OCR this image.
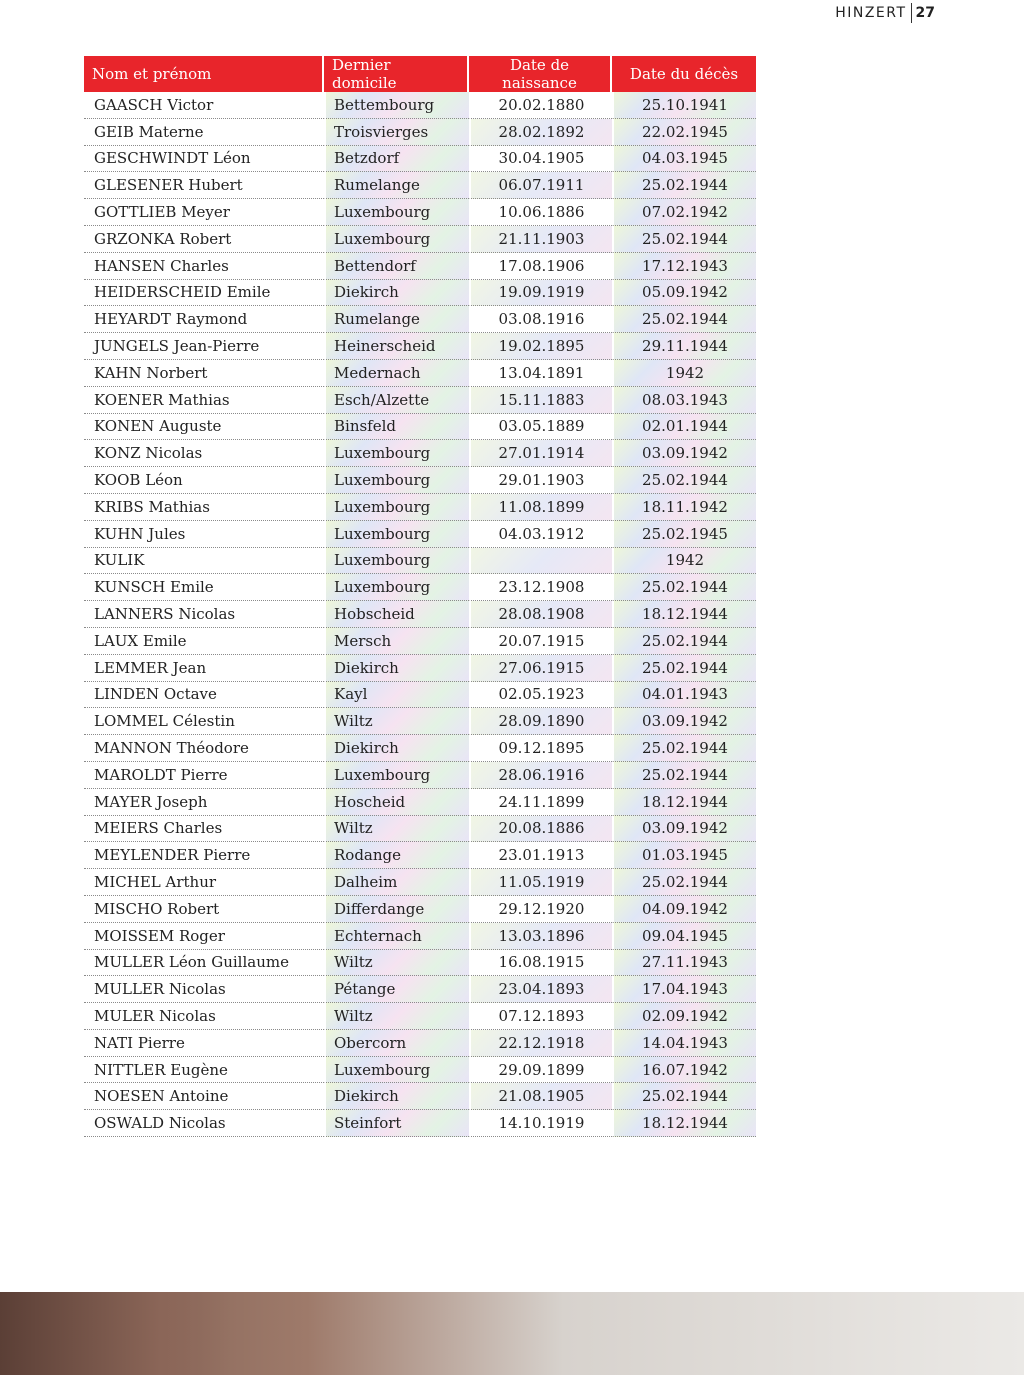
HINZERT 27
Nom et prénom	Dernier domicile	Date de naissance	Date du décès
GAASCH Victor	Bettembourg	20.02.1880	25.10.1941
GEIB Materne	Troisvierges	28.02.1892	22.02.1945
GESCHWINDT Léon	Betzdorf	30.04.1905	04.03.1945
GLESENER Hubert	Rumelange	06.07.1911	25.02.1944
GOTTLIEB Meyer	Luxembourg	10.06.1886	07.02.1942
GRZONKA Robert	Luxembourg	21.11.1903	25.02.1944
HANSEN Charles	Bettendorf	17.08.1906	17.12.1943
HEIDERSCHEID Emile	Diekirch	19.09.1919	05.09.1942
HEYARDT Raymond	Rumelange	03.08.1916	25.02.1944
JUNGELS Jean-Pierre	Heinerscheid	19.02.1895	29.11.1944
KAHN Norbert	Medernach	13.04.1891	1942
KOENER Mathias	Esch/Alzette	15.11.1883	08.03.1943
KONEN Auguste	Binsfeld	03.05.1889	02.01.1944
KONZ Nicolas	Luxembourg	27.01.1914	03.09.1942
KOOB Léon	Luxembourg	29.01.1903	25.02.1944
KRIBS Mathias	Luxembourg	11.08.1899	18.11.1942
KUHN Jules	Luxembourg	04.03.1912	25.02.1945
KULIK	Luxembourg		1942
KUNSCH Emile	Luxembourg	23.12.1908	25.02.1944
LANNERS Nicolas	Hobscheid	28.08.1908	18.12.1944
LAUX Emile	Mersch	20.07.1915	25.02.1944
LEMMER Jean	Diekirch	27.06.1915	25.02.1944
LINDEN Octave	Kayl	02.05.1923	04.01.1943
LOMMEL Célestin	Wiltz	28.09.1890	03.09.1942
MANNON Théodore	Diekirch	09.12.1895	25.02.1944
MAROLDT Pierre	Luxembourg	28.06.1916	25.02.1944
MAYER Joseph	Hoscheid	24.11.1899	18.12.1944
MEIERS Charles	Wiltz	20.08.1886	03.09.1942
MEYLENDER Pierre	Rodange	23.01.1913	01.03.1945
MICHEL Arthur	Dalheim	11.05.1919	25.02.1944
MISCHO Robert	Differdange	29.12.1920	04.09.1942
MOISSEM Roger	Echternach	13.03.1896	09.04.1945
MULLER Léon Guillaume	Wiltz	16.08.1915	27.11.1943
MULLER Nicolas	Pétange	23.04.1893	17.04.1943
MULER Nicolas	Wiltz	07.12.1893	02.09.1942
NATI Pierre	Obercorn	22.12.1918	14.04.1943
NITTLER Eugène	Luxembourg	29.09.1899	16.07.1942
NOESEN Antoine	Diekirch	21.08.1905	25.02.1944
OSWALD Nicolas	Steinfort	14.10.1919	18.12.1944
